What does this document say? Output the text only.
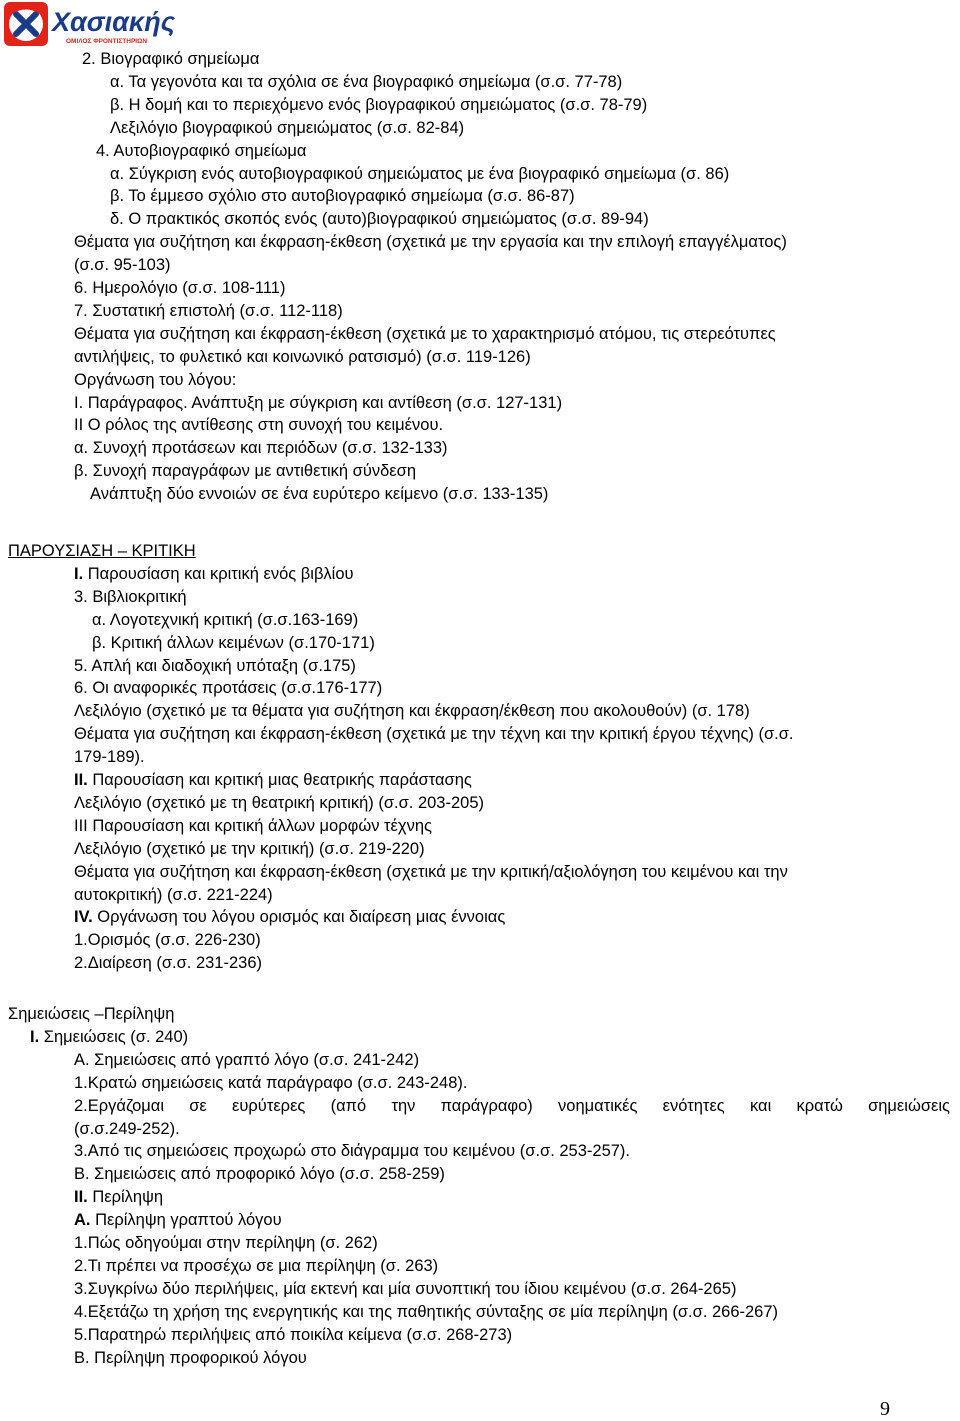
Χασιακής
ΟΜΙΛΟΣ ΦΡΟΝΤΙΣΤΗΡΙΩΝ
2. Βιογραφικό σημείωμα
α. Τα γεγονότα και τα σχόλια σε ένα βιογραφικό σημείωμα (σ.σ. 77-78)
β. Η δομή και το περιεχόμενο ενός βιογραφικού σημειώματος (σ.σ. 78-79)
Λεξιλόγιο βιογραφικού σημειώματος (σ.σ. 82-84)
4. Αυτοβιογραφικό σημείωμα
α. Σύγκριση ενός αυτοβιογραφικού σημειώματος με ένα βιογραφικό σημείωμα (σ. 86)
β. Το έμμεσο σχόλιο στο αυτοβιογραφικό σημείωμα (σ.σ. 86-87)
δ. Ο πρακτικός σκοπός ενός (αυτο)βιογραφικού σημειώματος (σ.σ. 89-94)
Θέματα για συζήτηση και έκφραση-έκθεση (σχετικά με την εργασία και την επιλογή επαγγέλματος)
(σ.σ. 95-103)
6. Ημερολόγιο (σ.σ. 108-111)
7. Συστατική επιστολή (σ.σ. 112-118)
Θέματα για συζήτηση και έκφραση-έκθεση (σχετικά με το χαρακτηρισμό ατόμου, τις στερεότυπες
αντιλήψεις, το φυλετικό και κοινωνικό ρατσισμό) (σ.σ. 119-126)
Οργάνωση του λόγου:
Ι. Παράγραφος. Ανάπτυξη με σύγκριση και αντίθεση (σ.σ. 127-131)
ΙΙ Ο ρόλος της αντίθεσης στη συνοχή του κειμένου.
α. Συνοχή προτάσεων και περιόδων (σ.σ. 132-133)
β. Συνοχή παραγράφων με αντιθετική σύνδεση
Ανάπτυξη δύο εννοιών σε ένα ευρύτερο κείμενο (σ.σ. 133-135)
ΠΑΡΟΥΣΙΑΣΗ – ΚΡΙΤΙΚΗ
Ι. Παρουσίαση και κριτική ενός βιβλίου
3. Βιβλιοκριτική
α. Λογοτεχνική κριτική (σ.σ.163-169)
β. Κριτική άλλων κειμένων (σ.170-171)
5. Απλή και διαδοχική υπόταξη (σ.175)
6. Οι αναφορικές προτάσεις (σ.σ.176-177)
Λεξιλόγιο (σχετικό με τα θέματα για συζήτηση και έκφραση/έκθεση που ακολουθούν) (σ. 178)
Θέματα για συζήτηση και έκφραση-έκθεση (σχετικά με την τέχνη και την κριτική έργου τέχνης) (σ.σ.
179-189).
ΙΙ. Παρουσίαση και κριτική μιας θεατρικής παράστασης
Λεξιλόγιο (σχετικό με τη θεατρική κριτική) (σ.σ. 203-205)
ΙΙΙ Παρουσίαση και κριτική άλλων μορφών τέχνης
Λεξιλόγιο (σχετικό με την κριτική) (σ.σ. 219-220)
Θέματα για συζήτηση και έκφραση-έκθεση (σχετικά με την κριτική/αξιολόγηση του κειμένου και την
αυτοκριτική) (σ.σ. 221-224)
IV. Οργάνωση του λόγου ορισμός και διαίρεση μιας έννοιας
1.Ορισμός (σ.σ. 226-230)
2.Διαίρεση (σ.σ. 231-236)
Σημειώσεις –Περίληψη
Ι. Σημειώσεις (σ. 240)
Α. Σημειώσεις από γραπτό λόγο (σ.σ. 241-242)
1.Κρατώ σημειώσεις κατά παράγραφο (σ.σ. 243-248).
2.Εργάζομαι σε ευρύτερες (από την παράγραφο) νοηματικές ενότητες και κρατώ σημειώσεις
(σ.σ.249-252).
3.Από τις σημειώσεις προχωρώ στο διάγραμμα του κειμένου (σ.σ. 253-257).
Β. Σημειώσεις από προφορικό λόγο (σ.σ. 258-259)
ΙΙ. Περίληψη
Α. Περίληψη γραπτού λόγου
1.Πώς οδηγούμαι στην περίληψη (σ. 262)
2.Τι πρέπει να προσέχω σε μια περίληψη (σ. 263)
3.Συγκρίνω δύο περιλήψεις, μία εκτενή και μία συνοπτική του ίδιου κειμένου (σ.σ. 264-265)
4.Εξετάζω τη χρήση της ενεργητικής και της παθητικής σύνταξης σε μία περίληψη (σ.σ. 266-267)
5.Παρατηρώ περιλήψεις από ποικίλα κείμενα (σ.σ. 268-273)
Β. Περίληψη προφορικού λόγου
9
